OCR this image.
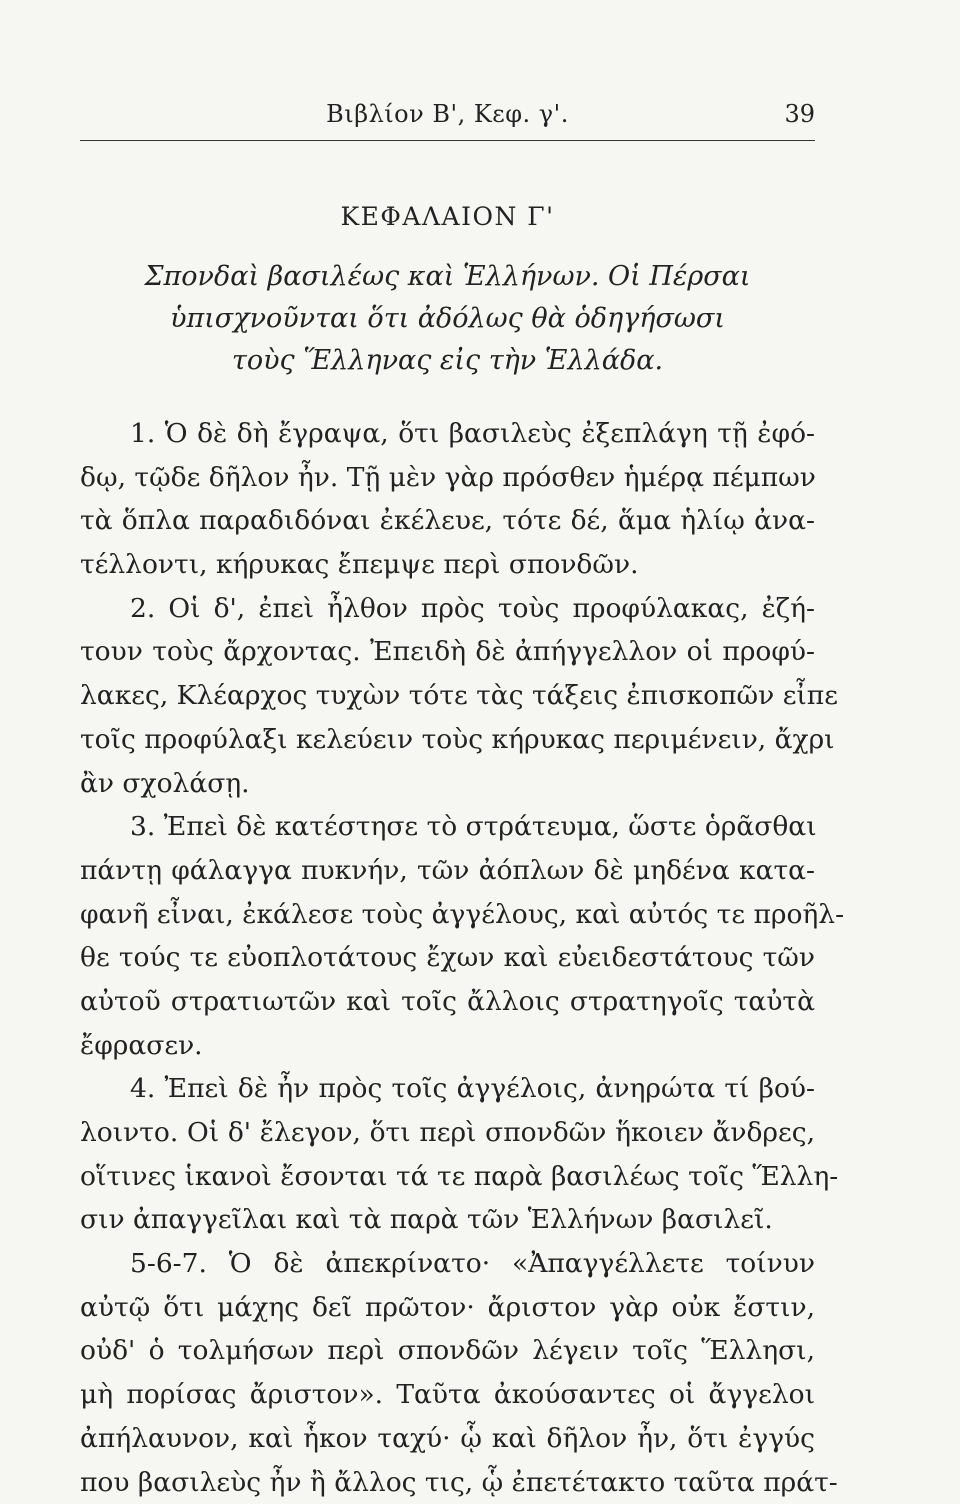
Βιβλίον Β', Κεφ. γ'.	39
ΚΕΦΑΛΑΙΟΝ Γ'
Σπονδαὶ βασιλέως καὶ Ἑλλήνων. Οἱ Πέρσαι
ὑπισχνοῦνται ὅτι ἀδόλως θὰ ὁδηγήσωσι
τοὺς Ἕλληνας εἰς τὴν Ἑλλάδα.
1. Ὁ δὲ δὴ ἔγραψα, ὅτι βασιλεὺς ἐξεπλάγη τῇ ἐφό-
δῳ, τῷδε δῆλον ἦν. Τῇ μὲν γὰρ πρόσθεν ἡμέρᾳ πέμπων
τὰ ὅπλα παραδιδόναι ἐκέλευε, τότε δέ, ἅμα ἡλίῳ ἀνα-
τέλλοντι, κήρυκας ἔπεμψε περὶ σπονδῶν.
2. Οἱ δ', ἐπεὶ ἦλθον πρὸς τοὺς προφύλακας, ἐζή-
τουν τοὺς ἄρχοντας. Ἐπειδὴ δὲ ἀπήγγελλον οἱ προφύ-
λακες, Κλέαρχος τυχὼν τότε τὰς τάξεις ἐπισκοπῶν εἶπε
τοῖς προφύλαξι κελεύειν τοὺς κήρυκας περιμένειν, ἄχρι
ἂν σχολάσῃ.
3. Ἐπεὶ δὲ κατέστησε τὸ στράτευμα, ὥστε ὁρᾶσθαι
πάντῃ φάλαγγα πυκνήν, τῶν ἀόπλων δὲ μηδένα κατα-
φανῆ εἶναι, ἐκάλεσε τοὺς ἀγγέλους, καὶ αὐτός τε προῆλ-
θε τούς τε εὐοπλοτάτους ἔχων καὶ εὐειδεστάτους τῶν
αὐτοῦ στρατιωτῶν καὶ τοῖς ἄλλοις στρατηγοῖς ταὐτὰ
ἔφρασεν.
4. Ἐπεὶ δὲ ἦν πρὸς τοῖς ἀγγέλοις, ἀνηρώτα τί βού-
λοιντο. Οἱ δ' ἔλεγον, ὅτι περὶ σπονδῶν ἥκοιεν ἄνδρες,
οἵτινες ἱκανοὶ ἔσονται τά τε παρὰ βασιλέως τοῖς Ἕλλη-
σιν ἀπαγγεῖλαι καὶ τὰ παρὰ τῶν Ἑλλήνων βασιλεῖ.
5-6-7. Ὁ δὲ ἀπεκρίνατο· «Ἀπαγγέλλετε τοίνυν
αὐτῷ ὅτι μάχης δεῖ πρῶτον· ἄριστον γὰρ οὐκ ἔστιν,
οὐδ' ὁ τολμήσων περὶ σπονδῶν λέγειν τοῖς Ἕλλησι,
μὴ πορίσας ἄριστον». Ταῦτα ἀκούσαντες οἱ ἄγγελοι
ἀπήλαυνον, καὶ ἧκον ταχύ· ᾧ καὶ δῆλον ἦν, ὅτι ἐγγύς
που βασιλεὺς ἦν ἢ ἄλλος τις, ᾧ ἐπετέτακτο ταῦτα πράτ-
